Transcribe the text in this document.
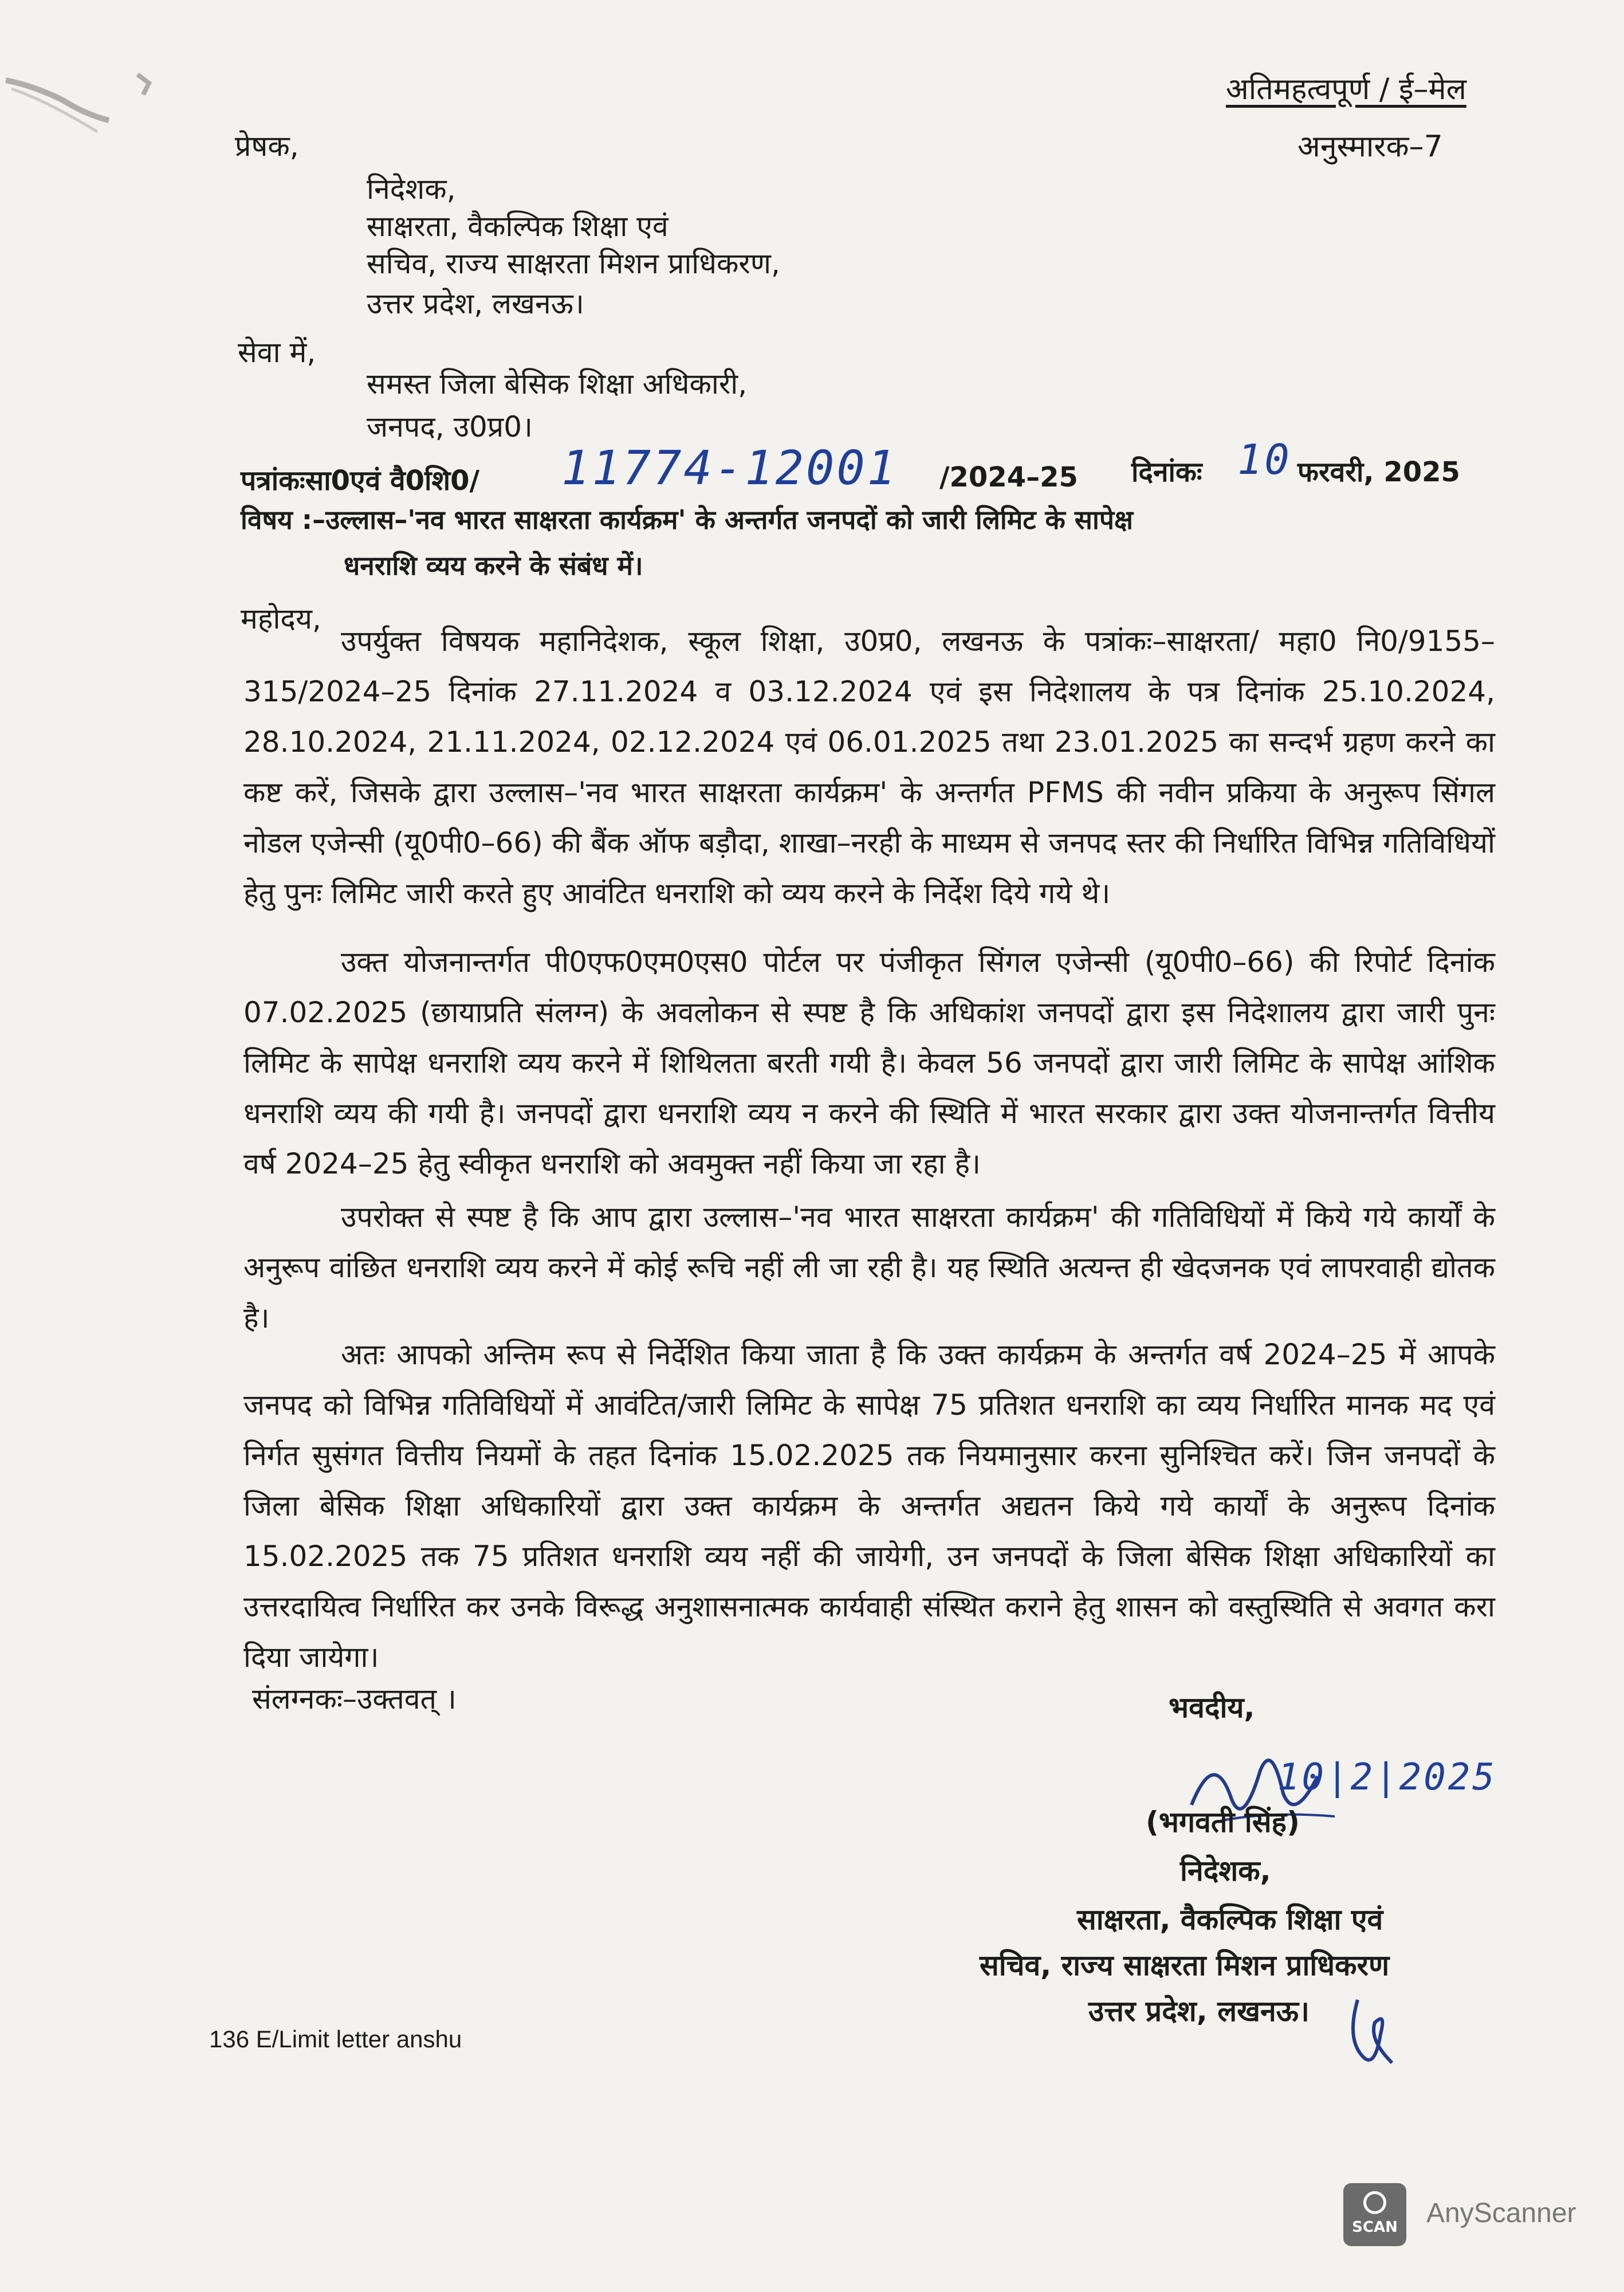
अतिमहत्वपूर्ण / ई–मेल
अनुस्मारक–7
प्रेषक,
निदेशक,
साक्षरता, वैकल्पिक शिक्षा एवं
सचिव, राज्य साक्षरता मिशन प्राधिकरण,
उत्तर प्रदेश, लखनऊ।
सेवा में,
समस्त जिला बेसिक शिक्षा अधिकारी,
जनपद, उ0प्र0।
पत्रांकःसा0एवं वै0शि0/ 11774-12001 /2024–25 दिनांकः 10 फरवरी, 2025
विषय :–उल्लास–'नव भारत साक्षरता कार्यक्रम' के अन्तर्गत जनपदों को जारी लिमिट के सापेक्ष
धनराशि व्यय करने के संबंध में।
महोदय,

उपर्युक्त विषयक महानिदेशक, स्कूल शिक्षा, उ0प्र0, लखनऊ के पत्रांकः–साक्षरता/ महा0 नि0/9155–315/2024–25 दिनांक 27.11.2024 व 03.12.2024 एवं इस निदेशालय के पत्र दिनांक 25.10.2024, 28.10.2024, 21.11.2024, 02.12.2024 एवं 06.01.2025 तथा 23.01.2025 का सन्दर्भ ग्रहण करने का कष्ट करें, जिसके द्वारा उल्लास–'नव भारत साक्षरता कार्यक्रम' के अन्तर्गत PFMS की नवीन प्रकिया के अनुरूप सिंगल नोडल एजेन्सी (यू0पी0–66) की बैंक ऑफ बड़ौदा, शाखा–नरही के माध्यम से जनपद स्तर की निर्धारित विभिन्न गतिविधियों हेतु पुनः लिमिट जारी करते हुए आवंटित धनराशि को व्यय करने के निर्देश दिये गये थे।

उक्त योजनान्तर्गत पी0एफ0एम0एस0 पोर्टल पर पंजीकृत सिंगल एजेन्सी (यू0पी0–66) की रिपोर्ट दिनांक 07.02.2025 (छायाप्रति संलग्न) के अवलोकन से स्पष्ट है कि अधिकांश जनपदों द्वारा इस निदेशालय द्वारा जारी पुनः लिमिट के सापेक्ष धनराशि व्यय करने में शिथिलता बरती गयी है। केवल 56 जनपदों द्वारा जारी लिमिट के सापेक्ष आंशिक धनराशि व्यय की गयी है। जनपदों द्वारा धनराशि व्यय न करने की स्थिति में भारत सरकार द्वारा उक्त योजनान्तर्गत वित्तीय वर्ष 2024–25 हेतु स्वीकृत धनराशि को अवमुक्त नहीं किया जा रहा है।

उपरोक्त से स्पष्ट है कि आप द्वारा उल्लास–'नव भारत साक्षरता कार्यक्रम' की गतिविधियों में किये गये कार्यों के अनुरूप वांछित धनराशि व्यय करने में कोई रूचि नहीं ली जा रही है। यह स्थिति अत्यन्त ही खेदजनक एवं लापरवाही द्योतक है।

अतः आपको अन्तिम रूप से निर्देशित किया जाता है कि उक्त कार्यक्रम के अन्तर्गत वर्ष 2024–25 में आपके जनपद को विभिन्न गतिविधियों में आवंटित/जारी लिमिट के सापेक्ष 75 प्रतिशत धनराशि का व्यय निर्धारित मानक मद एवं निर्गत सुसंगत वित्तीय नियमों के तहत दिनांक 15.02.2025 तक नियमानुसार करना सुनिश्चित करें। जिन जनपदों के जिला बेसिक शिक्षा अधिकारियों द्वारा उक्त कार्यक्रम के अन्तर्गत अद्यतन किये गये कार्यों के अनुरूप दिनांक 15.02.2025 तक 75 प्रतिशत धनराशि व्यय नहीं की जायेगी, उन जनपदों के जिला बेसिक शिक्षा अधिकारियों का उत्तरदायित्व निर्धारित कर उनके विरूद्ध अनुशासनात्मक कार्यवाही संस्थित कराने हेतु शासन को वस्तुस्थिति से अवगत करा दिया जायेगा।

संलग्नकः–उक्तवत् ।	भवदीय,
10|2|2025
(भगवती सिंह)
निदेशक,
साक्षरता, वैकल्पिक शिक्षा एवं
सचिव, राज्य साक्षरता मिशन प्राधिकरण
उत्तर प्रदेश, लखनऊ।
136 E/Limit letter anshu
SCAN	AnyScanner
